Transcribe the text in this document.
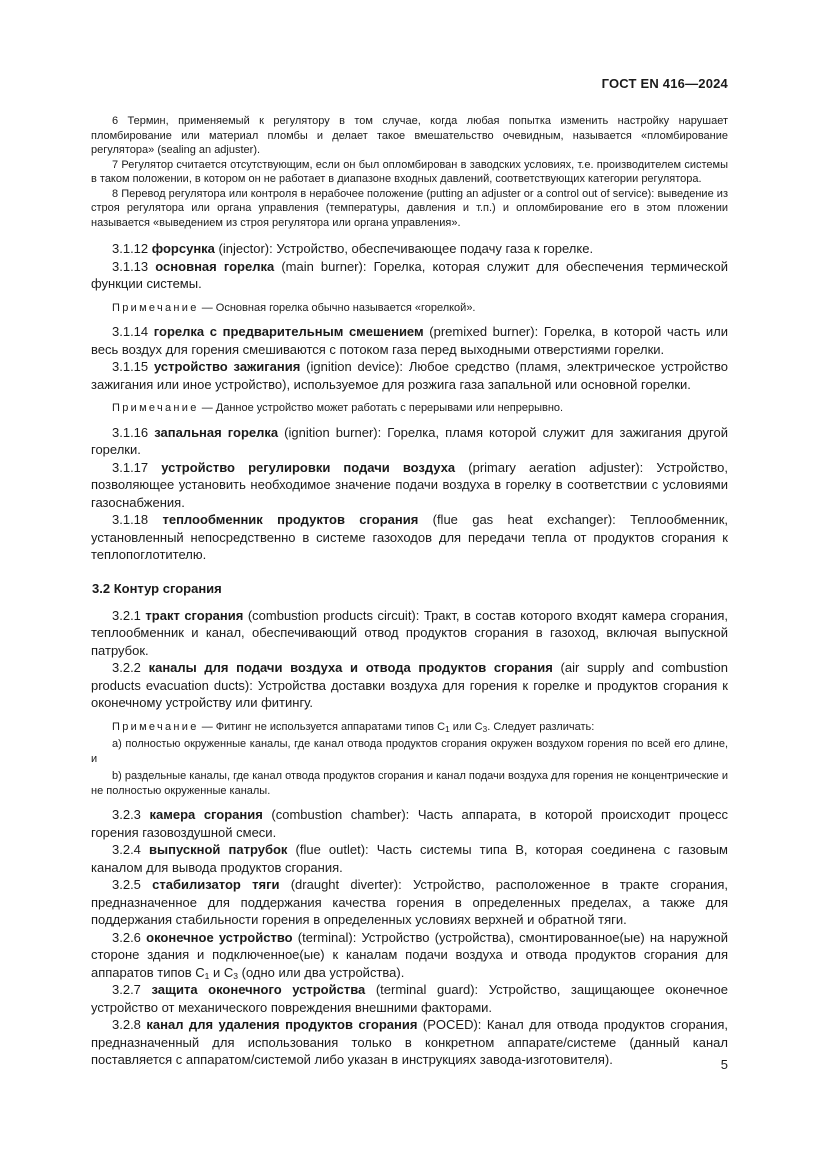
ГОСТ EN 416—2024

6 Термин, применяемый к регулятору в том случае, когда любая попытка изменить настройку нарушает пломбирование или материал пломбы и делает такое вмешательство очевидным, называется «пломбирование регулятора» (sealing an adjuster).

7 Регулятор считается отсутствующим, если он был опломбирован в заводских условиях, т.е. производителем системы в таком положении, в котором он не работает в диапазоне входных давлений, соответствующих категории регулятора.

8 Перевод регулятора или контроля в нерабочее положение (putting an adjuster or a control out of service): выведение из строя регулятора или органа управления (температуры, давления и т.п.) и опломбирование его в этом пложении называется «выведением из строя регулятора или органа управления».

3.1.12 форсунка (injector): Устройство, обеспечивающее подачу газа к горелке.

3.1.13 основная горелка (main burner): Горелка, которая служит для обеспечения термической функции системы.

Примечание — Основная горелка обычно называется «горелкой».

3.1.14 горелка с предварительным смешением (premixed burner): Горелка, в которой часть или весь воздух для горения смешиваются с потоком газа перед выходными отверстиями горелки.

3.1.15 устройство зажигания (ignition device): Любое средство (пламя, электрическое устройство зажигания или иное устройство), используемое для розжига газа запальной или основной горелки.

Примечание — Данное устройство может работать с перерывами или непрерывно.

3.1.16 запальная горелка (ignition burner): Горелка, пламя которой служит для зажигания другой горелки.

3.1.17 устройство регулировки подачи воздуха (primary aeration adjuster): Устройство, позволяющее установить необходимое значение подачи воздуха в горелку в соответствии с условиями газоснабжения.

3.1.18 теплообменник продуктов сгорания (flue gas heat exchanger): Теплообменник, установленный непосредственно в системе газоходов для передачи тепла от продуктов сгорания к теплопоглотителю.

3.2 Контур сгорания

3.2.1 тракт сгорания (combustion products circuit): Тракт, в состав которого входят камера сгорания, теплообменник и канал, обеспечивающий отвод продуктов сгорания в газоход, включая выпускной патрубок.

3.2.2 каналы для подачи воздуха и отвода продуктов сгорания (air supply and combustion products evacuation ducts): Устройства доставки воздуха для горения к горелке и продуктов сгорания к оконечному устройству или фитингу.

Примечание — Фитинг не используется аппаратами типов $C_1$ или $C_3$. Следует различать:

a) полностью окруженные каналы, где канал отвода продуктов сгорания окружен воздухом горения по всей его длине, и

b) раздельные каналы, где канал отвода продуктов сгорания и канал подачи воздуха для горения не концентрические и не полностью окруженные каналы.

3.2.3 камера сгорания (combustion chamber): Часть аппарата, в которой происходит процесс горения газовоздушной смеси.

3.2.4 выпускной патрубок (flue outlet): Часть системы типа B, которая соединена с газовым каналом для вывода продуктов сгорания.

3.2.5 стабилизатор тяги (draught diverter): Устройство, расположенное в тракте сгорания, предназначенное для поддержания качества горения в определенных пределах, а также для поддержания стабильности горения в определенных условиях верхней и обратной тяги.

3.2.6 оконечное устройство (terminal): Устройство (устройства), смонтированное(ые) на наружной стороне здания и подключенное(ые) к каналам подачи воздуха и отвода продуктов сгорания для аппаратов типов $C_1$ и $C_3$ (одно или два устройства).

3.2.7 защита оконечного устройства (terminal guard): Устройство, защищающее оконечное устройство от механического повреждения внешними факторами.

3.2.8 канал для удаления продуктов сгорания (POCED): Канал для отвода продуктов сгорания, предназначенный для использования только в конкретном аппарате/системе (данный канал поставляется с аппаратом/системой либо указан в инструкциях завода-изготовителя).	5
